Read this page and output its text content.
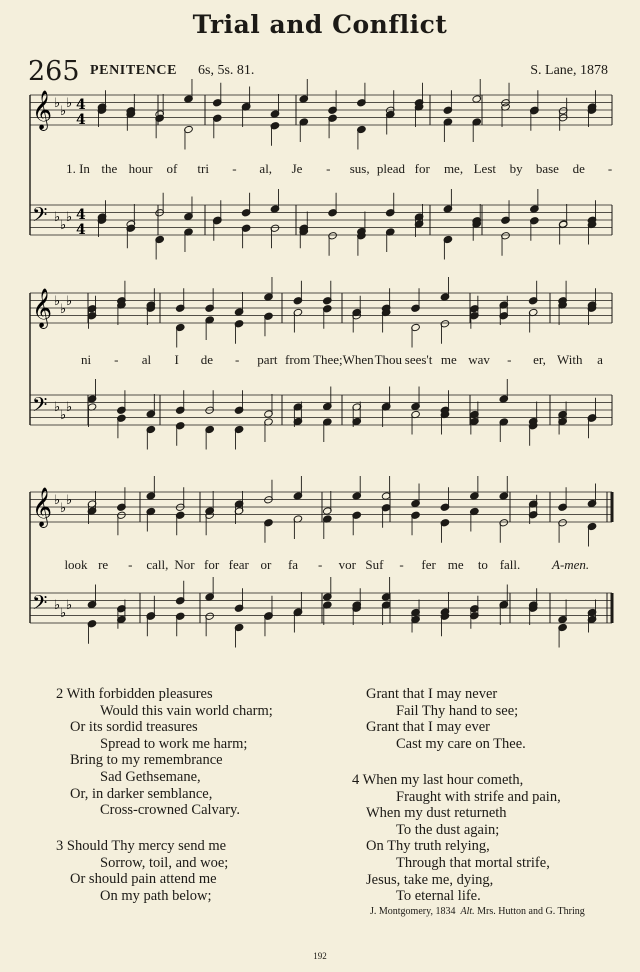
Trial and Conflict
265 PENITENCE 6s, 5s. 81.	S. Lane, 1878
𝄞 ♭
♭
♭ 4
4
𝄢 ♭
♭
♭ 4
4
𝄞 ♭
♭
♭
𝄢 ♭
♭
♭
𝄞 ♭
♭
♭
𝄢 ♭
♭
♭
1. In the hour of tri - al, Je - sus, plead for me, Lest by base de -
ni - al I de - part from Thee; When Thou sees't me wav - er, With a
look re - call, Nor for fear or fa - vor Suf - fer me to fall. A-men.
2 With forbidden pleasures
Would this vain world charm;
Or its sordid treasures
Spread to work me harm;
Bring to my remembrance
Sad Gethsemane,
Or, in darker semblance,
Cross-crowned Calvary.
3 Should Thy mercy send me
Sorrow, toil, and woe;
Or should pain attend me
On my path below;
Grant that I may never
Fail Thy hand to see;
Grant that I may ever
Cast my care on Thee.
4 When my last hour cometh,
Fraught with strife and pain,
When my dust returneth
To the dust again;
On Thy truth relying,
Through that mortal strife,
Jesus, take me, dying,
To eternal life.
J. Montgomery, 1834 Alt. Mrs. Hutton and G. Thring
192
